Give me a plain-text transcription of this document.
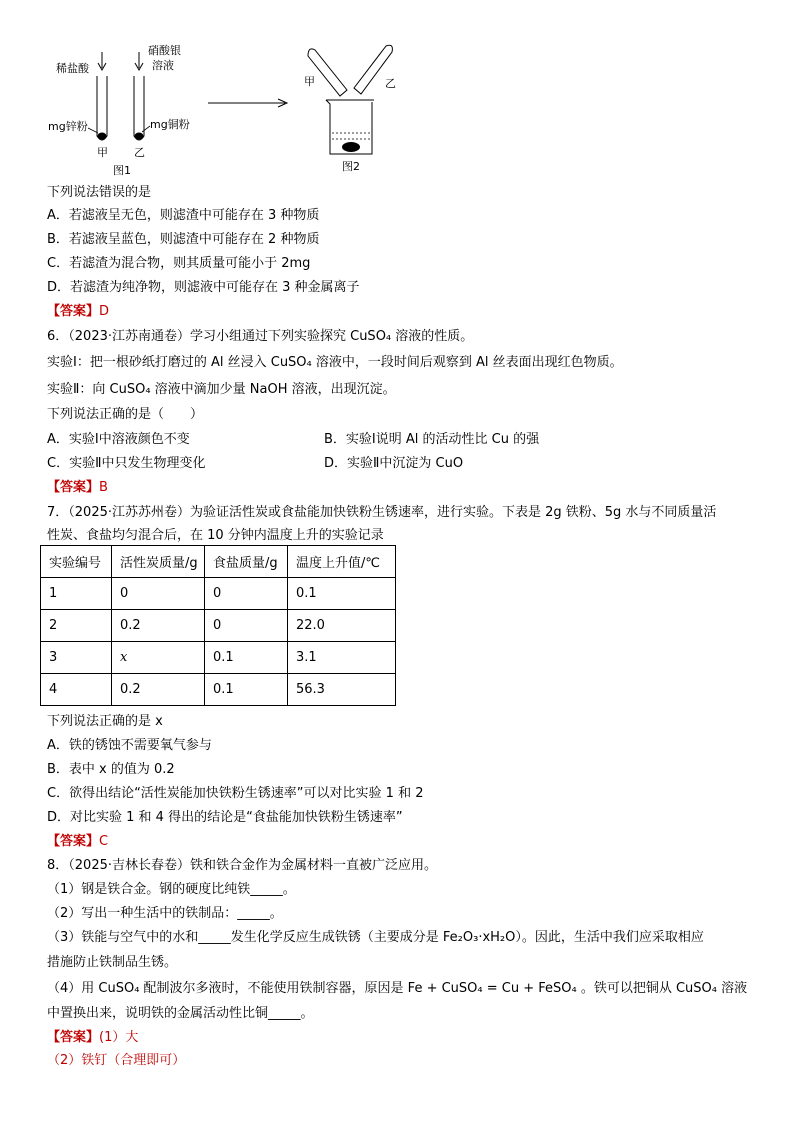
稀盐酸
硝酸银
溶液
mg锌粉	mg铜粉
甲 乙
图1
甲	乙
图2
下列说法错误的是
A．若滤液呈无色，则滤渣中可能存在 3 种物质
B．若滤液呈蓝色，则滤渣中可能存在 2 种物质
C．若滤渣为混合物，则其质量可能小于 2mg
D．若滤渣为纯净物，则滤液中可能存在 3 种金属离子
【答案】D
6．（2023·江苏南通卷）学习小组通过下列实验探究 CuSO₄ 溶液的性质。
实验Ⅰ：把一根砂纸打磨过的 Al 丝浸入 CuSO₄ 溶液中，一段时间后观察到 Al 丝表面出现红色物质。
实验Ⅱ：向 CuSO₄ 溶液中滴加少量 NaOH 溶液，出现沉淀。
下列说法正确的是（　　）
A．实验Ⅰ中溶液颜色不变	B．实验Ⅰ说明 Al 的活动性比 Cu 的强
C．实验Ⅱ中只发生物理变化	D．实验Ⅱ中沉淀为 CuO
【答案】B
7．（2025·江苏苏州卷）为验证活性炭或食盐能加快铁粉生锈速率，进行实验。下表是 2g 铁粉、5g 水与不同质量活
性炭、食盐均匀混合后，在 10 分钟内温度上升的实验记录
实验编号	活性炭质量/g	食盐质量/g	温度上升值/℃
1	0	0	0.1
2	0.2	0	22.0
3	x	0.1	3.1
4	0.2	0.1	56.3
下列说法正确的是 x
A．铁的锈蚀不需要氧气参与
B．表中 x 的值为 0.2
C．欲得出结论“活性炭能加快铁粉生锈速率”可以对比实验 1 和 2
D．对比实验 1 和 4 得出的结论是“食盐能加快铁粉生锈速率”
【答案】C
8．（2025·吉林长春卷）铁和铁合金作为金属材料一直被广泛应用。
（1）钢是铁合金。钢的硬度比纯铁_____。
（2）写出一种生活中的铁制品：_____。
（3）铁能与空气中的水和_____发生化学反应生成铁锈（主要成分是 Fe₂O₃·xH₂O）。因此，生活中我们应采取相应
措施防止铁制品生锈。
（4）用 CuSO₄ 配制波尔多液时，不能使用铁制容器，原因是 Fe + CuSO₄ = Cu + FeSO₄ 。铁可以把铜从 CuSO₄ 溶液
中置换出来，说明铁的金属活动性比铜_____。
【答案】(1）大
（2）铁钉（合理即可）
